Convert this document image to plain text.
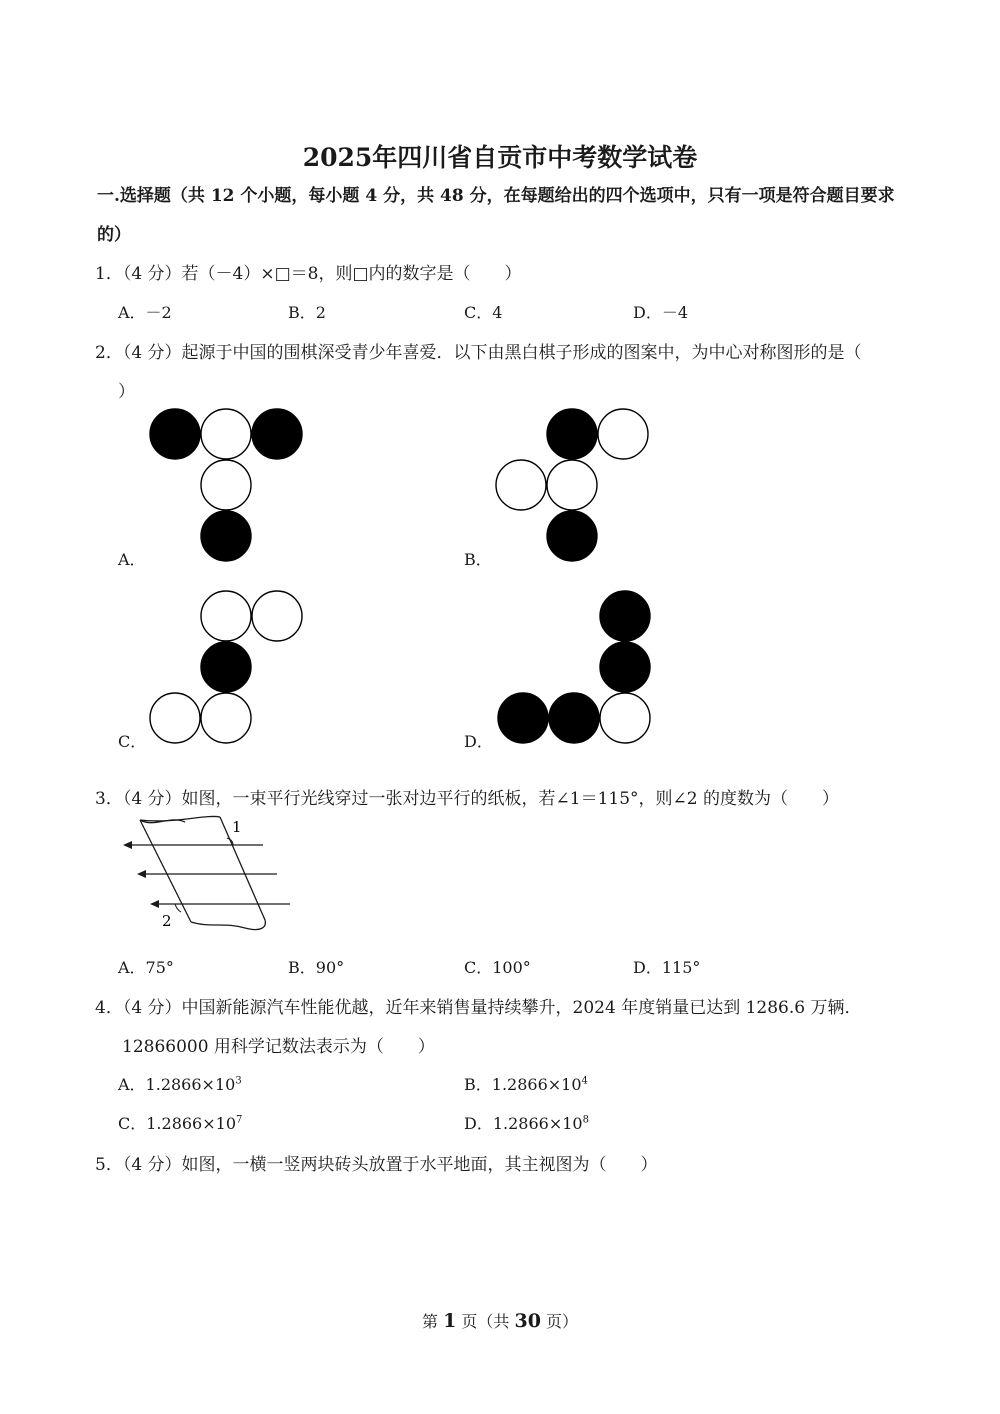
2025年四川省自贡市中考数学试卷
一.选择题（共 12 个小题，每小题 4 分，共 48 分，在每题给出的四个选项中，只有一项是符合题目要求
的）
1．（4 分）若（－4）×□＝8，则□内的数字是（　　）
A．－2	B．2	C．4	D．－4
2．（4 分）起源于中国的围棋深受青少年喜爱．以下由黑白棋子形成的图案中，为中心对称图形的是（
）
A．	B．
C．	D．
3．（4 分）如图，一束平行光线穿过一张对边平行的纸板，若∠1＝115°，则∠2 的度数为（　　）
1
2
A．75°	B．90°	C．100°	D．115°
4．（4 分）中国新能源汽车性能优越，近年来销售量持续攀升，2024 年度销量已达到 1286.6 万辆．
12866000 用科学记数法表示为（　　）
A．$1.2866\times 10^3$	B．$1.2866\times 10^4$
C．$1.2866\times 10^7$	D．$1.2866\times 10^8$
5．（4 分）如图，一横一竖两块砖头放置于水平地面，其主视图为（　　）
第 1 页（共 30 页）
